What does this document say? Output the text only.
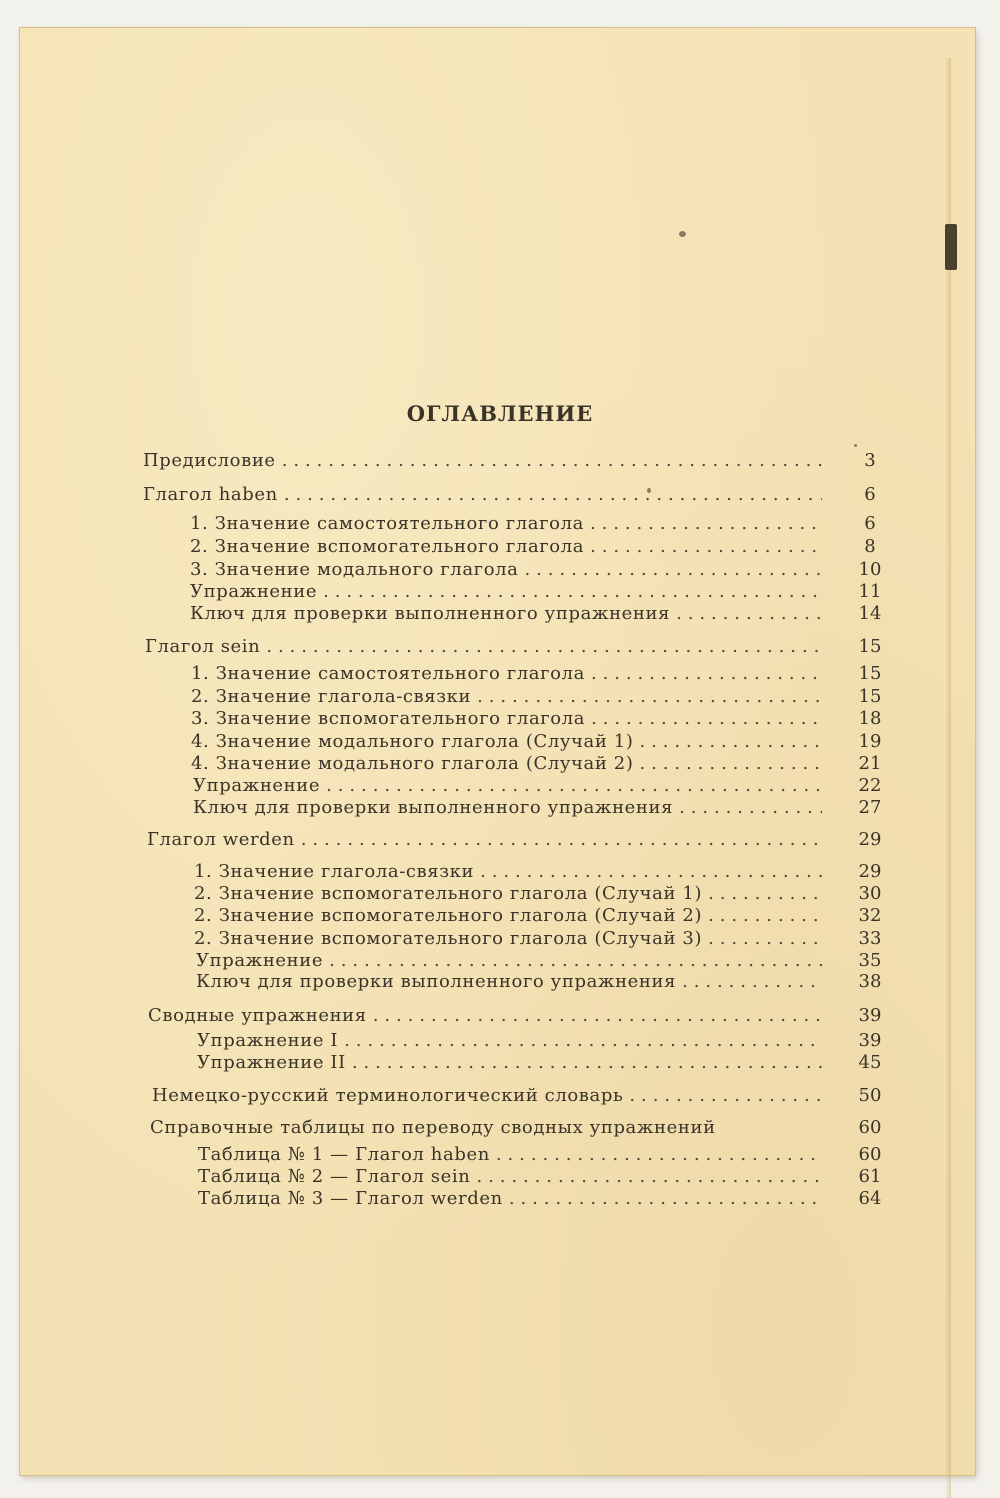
ОГЛАВЛЕНИЕ
Предисловие . . .	3
Глагол haben . . .	6
1. Значение самостоятельного глагола . . .	6
2. Значение вспомогательного глагола . . .	8
3. Значение модального глагола . . .	10
Упражнение . . .	11
Ключ для проверки выполненного упражнения . . .	14
Глагол sein . . .	15
1. Значение самостоятельного глагола . . .	15
2. Значение глагола-связки . . .	15
3. Значение вспомогательного глагола . . .	18
4. Значение модального глагола (Случай 1) . . .	19
4. Значение модального глагола (Случай 2) . . .	21
Упражнение . . .	22
Ключ для проверки выполненного упражнения . . .	27
Глагол werden . . .	29
1. Значение глагола-связки . . .	29
2. Значение вспомогательного глагола (Случай 1) . . .	30
2. Значение вспомогательного глагола (Случай 2) . . .	32
2. Значение вспомогательного глагола (Случай 3) . . .	33
Упражнение . . .	35
Ключ для проверки выполненного упражнения . . .	38
Сводные упражнения . . .	39
Упражнение I . . .	39
Упражнение II . . .	45
Немецко-русский терминологический словарь . . .	50
Справочные таблицы по переводу сводных упражнений	60
Таблица № 1 — Глагол haben . . .	60
Таблица № 2 — Глагол sein . . .	61
Таблица № 3 — Глагол werden . . .	64
